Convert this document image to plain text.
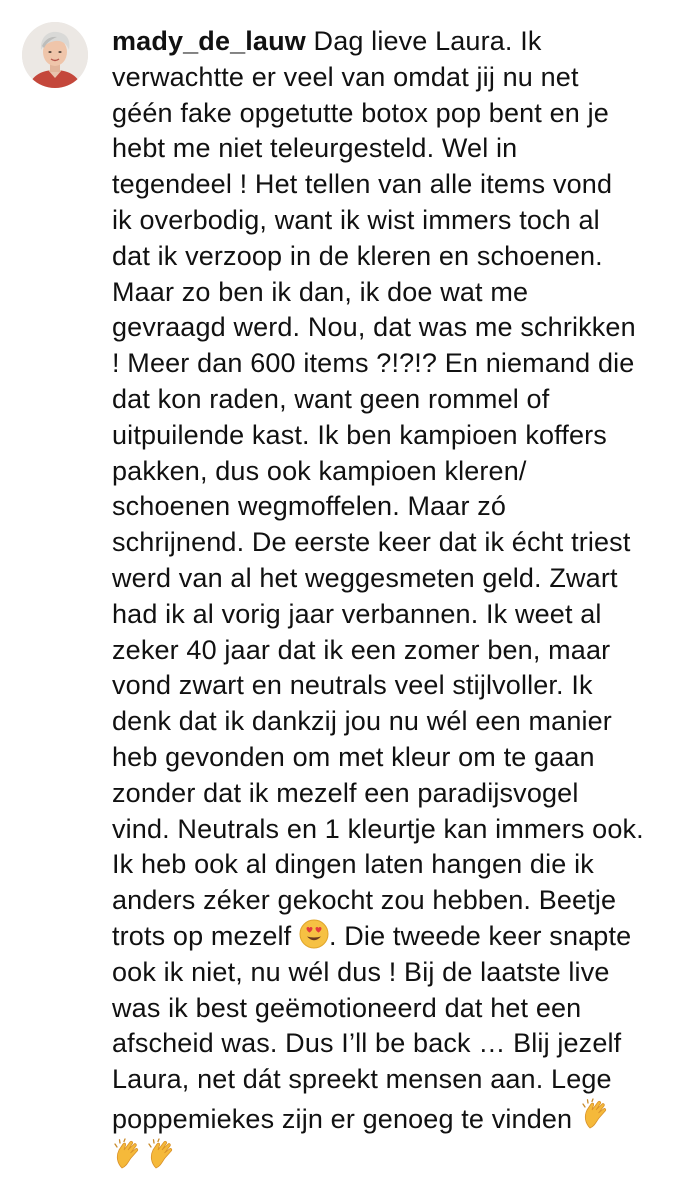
mady_de_lauw Dag lieve Laura. Ik
verwachtte er veel van omdat jij nu net
géén fake opgetutte botox pop bent en je
hebt me niet teleurgesteld. Wel in
tegendeel ! Het tellen van alle items vond
ik overbodig, want ik wist immers toch al
dat ik verzoop in de kleren en schoenen.
Maar zo ben ik dan, ik doe wat me
gevraagd werd. Nou, dat was me schrikken
! Meer dan 600 items ?!?!? En niemand die
dat kon raden, want geen rommel of
uitpuilende kast. Ik ben kampioen koffers
pakken, dus ook kampioen kleren/
schoenen wegmoffelen. Maar zó
schrijnend. De eerste keer dat ik écht triest
werd van al het weggesmeten geld. Zwart
had ik al vorig jaar verbannen. Ik weet al
zeker 40 jaar dat ik een zomer ben, maar
vond zwart en neutrals veel stijlvoller. Ik
denk dat ik dankzij jou nu wél een manier
heb gevonden om met kleur om te gaan
zonder dat ik mezelf een paradijsvogel
vind. Neutrals en 1 kleurtje kan immers ook.
Ik heb ook al dingen laten hangen die ik
anders zéker gekocht zou hebben. Beetje
trots op mezelf
. Die tweede keer snapte
ook ik niet, nu wél dus ! Bij de laatste live
was ik best geëmotioneerd dat het een
afscheid was. Dus I’ll be back … Blij jezelf
Laura, net dát spreekt mensen aan. Lege
poppemiekes zijn er genoeg te vinden
